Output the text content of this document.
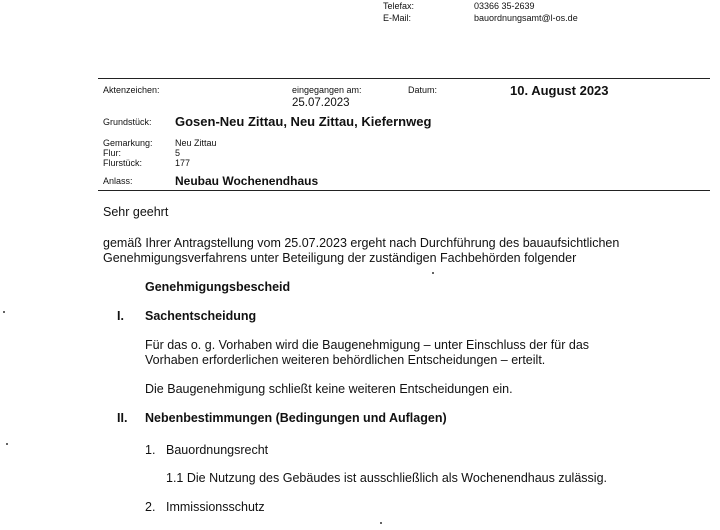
Telefax:	03366 35-2639
E-Mail:	bauordnungsamt@l-os.de
Aktenzeichen:	eingegangen am:
25.07.2023
Datum:	10. August 2023
Grundstück: Gosen-Neu Zittau, Neu Zittau, Kiefernweg
Gemarkung: Neu Zittau
Flur:	5
Flurstück:	177
Anlass:	Neubau Wochenendhaus
Sehr geehrt
gemäß Ihrer Antragstellung vom 25.07.2023 ergeht nach Durchführung des bauaufsichtlichen
Genehmigungsverfahrens unter Beteiligung der zuständigen Fachbehörden folgender
Genehmigungsbescheid
I. Sachentscheidung
Für das o. g. Vorhaben wird die Baugenehmigung – unter Einschluss der für das
Vorhaben erforderlichen weiteren behördlichen Entscheidungen – erteilt.
Die Baugenehmigung schließt keine weiteren Entscheidungen ein.
II. Nebenbestimmungen (Bedingungen und Auflagen)
1. Bauordnungsrecht
1.1 Die Nutzung des Gebäudes ist ausschließlich als Wochenendhaus zulässig.
2. Immissionsschutz
